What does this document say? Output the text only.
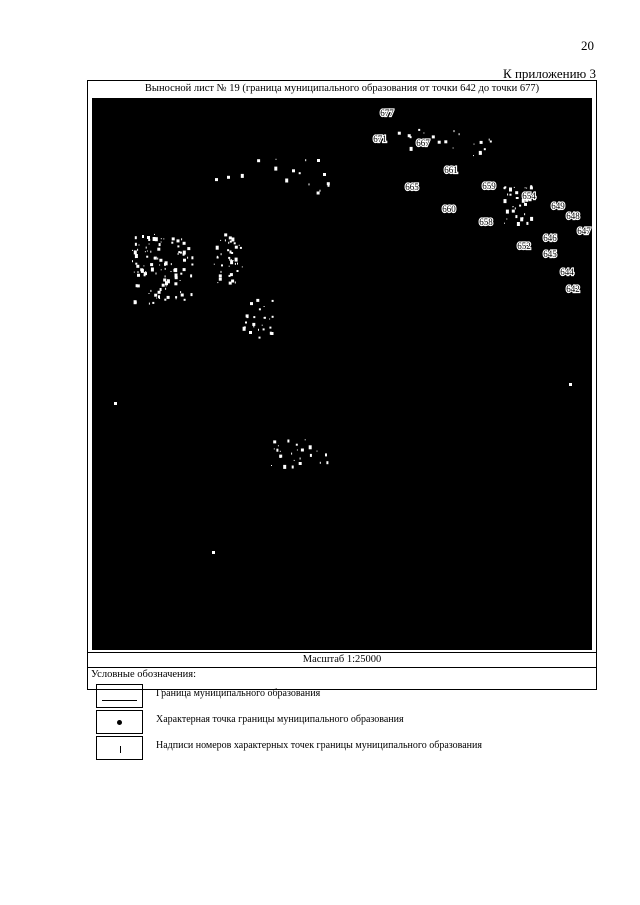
20
К приложению 3
Выносной лист № 19 (граница муниципального образования от точки 642 до точки 677)
677
671	667
661
665
660
659
654
658
649
648
647
646
652
645
644
642
Масштаб 1:25000
Условные обозначения:
Граница муниципального образования
Характерная точка границы муниципального образования
Надписи номеров характерных точек границы муниципального образования
